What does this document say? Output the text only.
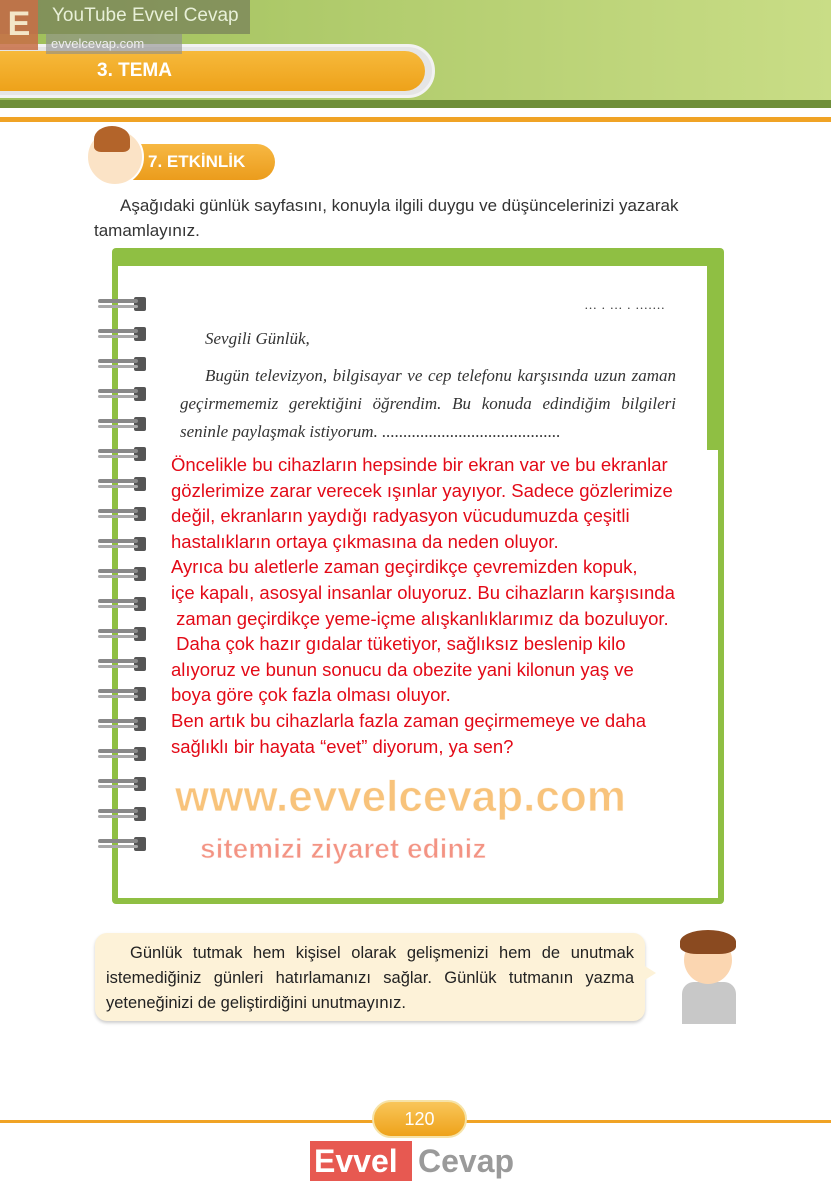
3. TEMA
E	YouTube Evvel Cevap
evvelcevap.com
7. ETKİNLİK
Aşağıdaki günlük sayfasını, konuyla ilgili duygu ve düşüncelerinizi yazarak tamamlayınız.
... . ... . .......
Sevgili Günlük,
Bugün televizyon, bilgisayar ve cep telefonu karşısında uzun zaman geçirmememiz gerektiğini öğrendim. Bu konuda edindiğim bilgileri seninle paylaşmak istiyorum. ..........................................
Öncelikle bu cihazların hepsinde bir ekran var ve bu ekranlar
gözlerimize zarar verecek ışınlar yayıyor. Sadece gözlerimize
değil, ekranların yaydığı radyasyon vücudumuzda çeşitli
hastalıkların ortaya çıkmasına da neden oluyor.
Ayrıca bu aletlerle zaman geçirdikçe çevremizden kopuk,
içe kapalı, asosyal insanlar oluyoruz. Bu cihazların karşısında
zaman geçirdikçe yeme-içme alışkanlıklarımız da bozuluyor.
Daha çok hazır gıdalar tüketiyor, sağlıksız beslenip kilo
alıyoruz ve bunun sonucu da obezite yani kilonun yaş ve
boya göre çok fazla olması oluyor.
Ben artık bu cihazlarla fazla zaman geçirmemeye ve daha
sağlıklı bir hayata “evet” diyorum, ya sen?
www.evvelcevap.com
sitemizi ziyaret ediniz
Günlük tutmak hem kişisel olarak gelişmenizi hem de unutmak istemediğiniz günleri hatırlamanızı sağlar. Günlük tutmanın yazma yeteneğinizi de geliştirdiğini unutmayınız.
120
Evvel Cevap
